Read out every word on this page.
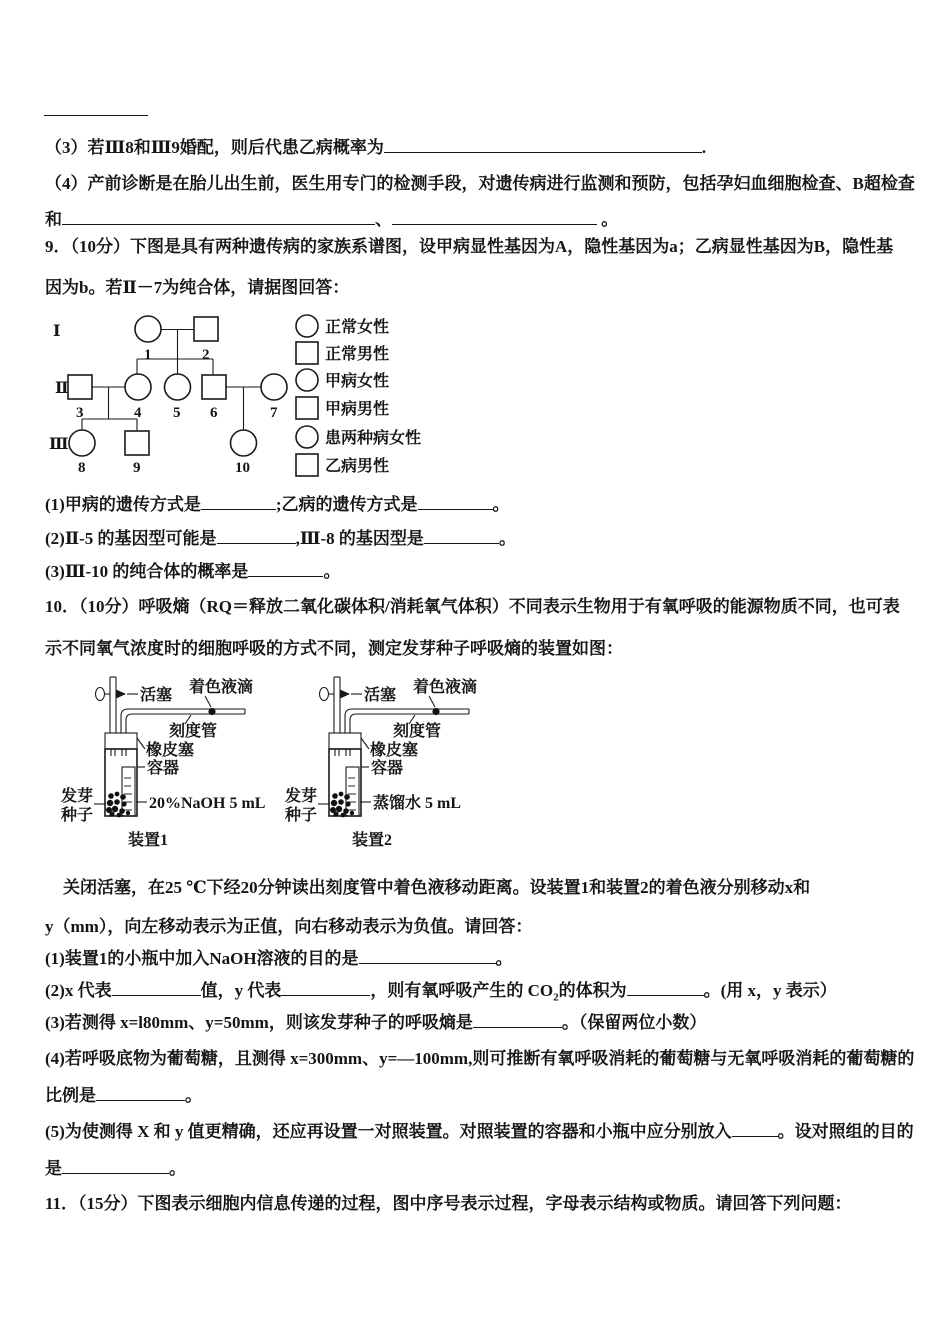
（3）若Ⅲ8和Ⅲ9婚配，则后代患乙病概率为	.
（4）产前诊断是在胎儿出生前，医生用专门的检测手段，对遗传病进行监测和预防，包括孕妇血细胞检查、B超检查
和	、	。
9．（10分）下图是具有两种遗传病的家族系谱图，设甲病显性基因为A，隐性基因为a；乙病显性基因为B，隐性基
因为b。若Ⅱ－7为纯合体，请据图回答：
Ⅰ
Ⅱ
Ⅲ
1	2
3	4 5 6	7
8	9	10
正常女性
正常男性
甲病女性
甲病男性
患两种病女性
乙病男性
(1)甲病的遗传方式是	;乙病的遗传方式是	。
(2)Ⅱ-5 的基因型可能是	,Ⅲ-8 的基因型是	。
(3)Ⅲ-10 的纯合体的概率是	。
10．（10分）呼吸熵（RQ＝释放二氧化碳体积/消耗氧气体积）不同表示生物用于有氧呼吸的能源物质不同，也可表
示不同氧气浓度时的细胞呼吸的方式不同，测定发芽种子呼吸熵的装置如图：
活塞 着色液滴
刻度管
橡皮塞
容器
发芽
种子
20%NaOH 5 mL
装置1
活塞 着色液滴
刻度管
橡皮塞
容器
发芽
种子
蒸馏水 5 mL
装置2
关闭活塞，在25 ℃下经20分钟读出刻度管中着色液移动距离。设装置1和装置2的着色液分别移动x和
y（mm），向左移动表示为正值，向右移动表示为负值。请回答：
(1)装置1的小瓶中加入NaOH溶液的目的是	。
(2)x 代表	值，y 代表	，则有氧呼吸产生的 $CO_2$的体积为	。(用 x，y 表示）
(3)若测得 x=l80mm、y=50mm，则该发芽种子的呼吸熵是	。（保留两位小数）
(4)若呼吸底物为葡萄糖，且测得 x=300mm、y=—100mm,则可推断有氧呼吸消耗的葡萄糖与无氧呼吸消耗的葡萄糖的
比例是	。
(5)为使测得 X 和 y 值更精确，还应再设置一对照装置。对照装置的容器和小瓶中应分别放入	。设对照组的目的
是	。
11．（15分）下图表示细胞内信息传递的过程，图中序号表示过程，字母表示结构或物质。请回答下列问题：
